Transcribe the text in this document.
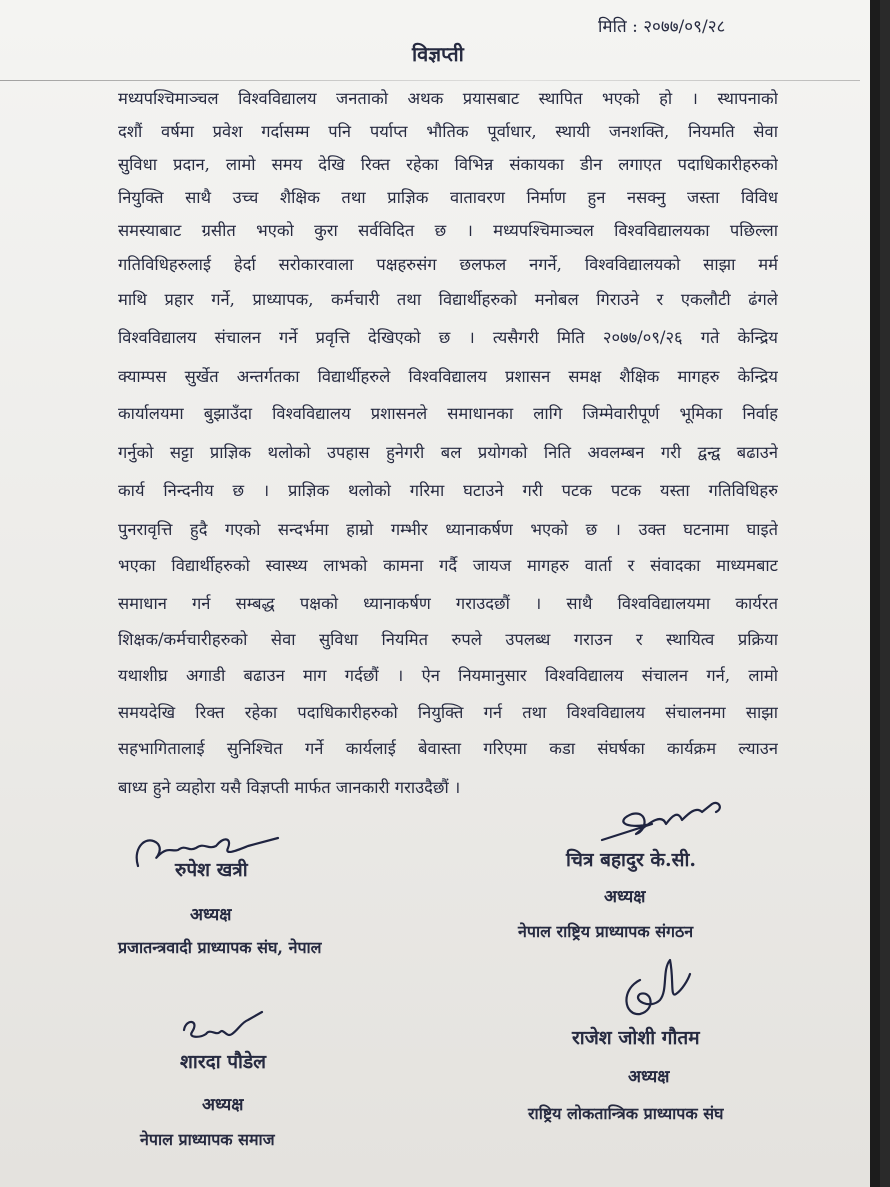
मिति : २०७७/०९/२८
विज्ञप्ती
मध्यपश्चिमाञ्चल विश्वविद्यालय जनताको अथक प्रयासबाट स्थापित भएको हो । स्थापनाको
दशौं वर्षमा प्रवेश गर्दासम्म पनि पर्याप्त भौतिक पूर्वाधार, स्थायी जनशक्ति, नियमति सेवा
सुविधा प्रदान, लामो समय देखि रिक्त रहेका विभिन्न संकायका डीन लगाएत पदाधिकारीहरुको
नियुक्ति साथै उच्च शैक्षिक तथा प्राज्ञिक वातावरण निर्माण हुन नसक्नु जस्ता विविध
समस्याबाट ग्रसीत भएको कुरा सर्वविदित छ । मध्यपश्चिमाञ्चल विश्वविद्यालयका पछिल्ला
गतिविधिहरुलाई हेर्दा सरोकारवाला पक्षहरुसंग छलफल नगर्ने, विश्वविद्यालयको साझा मर्म
माथि प्रहार गर्ने, प्राध्यापक, कर्मचारी तथा विद्यार्थीहरुको मनोबल गिराउने र एकलौटी ढंगले
विश्वविद्यालय संचालन गर्ने प्रवृत्ति देखिएको छ । त्यसैगरी मिति २०७७/०९/२६ गते केन्द्रिय
क्याम्पस सुर्खेत अन्तर्गतका विद्यार्थीहरुले विश्वविद्यालय प्रशासन समक्ष शैक्षिक मागहरु केन्द्रिय
कार्यालयमा बुझाउँदा विश्वविद्यालय प्रशासनले समाधानका लागि जिम्मेवारीपूर्ण भूमिका निर्वाह
गर्नुको सट्टा प्राज्ञिक थलोको उपहास हुनेगरी बल प्रयोगको निति अवलम्बन गरी द्वन्द्व बढाउने
कार्य निन्दनीय छ । प्राज्ञिक थलोको गरिमा घटाउने गरी पटक पटक यस्ता गतिविधिहरु
पुनरावृत्ति हुदै गएको सन्दर्भमा हाम्रो गम्भीर ध्यानाकर्षण भएको छ । उक्त घटनामा घाइते
भएका विद्यार्थीहरुको स्वास्थ्य लाभको कामना गर्दै जायज मागहरु वार्ता र संवादका माध्यमबाट
समाधान गर्न सम्बद्ध पक्षको ध्यानाकर्षण गराउदछौं । साथै विश्वविद्यालयमा कार्यरत
शिक्षक/कर्मचारीहरुको सेवा सुविधा नियमित रुपले उपलब्ध गराउन र स्थायित्व प्रक्रिया
यथाशीघ्र अगाडी बढाउन माग गर्दछौं । ऐन नियमानुसार विश्वविद्यालय संचालन गर्न, लामो
समयदेखि रिक्त रहेका पदाधिकारीहरुको नियुक्ति गर्न तथा विश्वविद्यालय संचालनमा साझा
सहभागितालाई सुनिश्चित गर्ने कार्यलाई बेवास्ता गरिएमा कडा संघर्षका कार्यक्रम ल्याउन
बाध्य हुने व्यहोरा यसै विज्ञप्ती मार्फत जानकारी गराउदैछौं ।
रुपेश खत्री
अध्यक्ष
प्रजातन्त्रवादी प्राध्यापक संघ, नेपाल
चित्र बहादुर के.सी.
अध्यक्ष
नेपाल राष्ट्रिय प्राध्यापक संगठन
राजेश जोशी गौतम
अध्यक्ष
राष्ट्रिय लोकतान्त्रिक प्राध्यापक संघ
शारदा पौडेल
अध्यक्ष
नेपाल प्राध्यापक समाज
